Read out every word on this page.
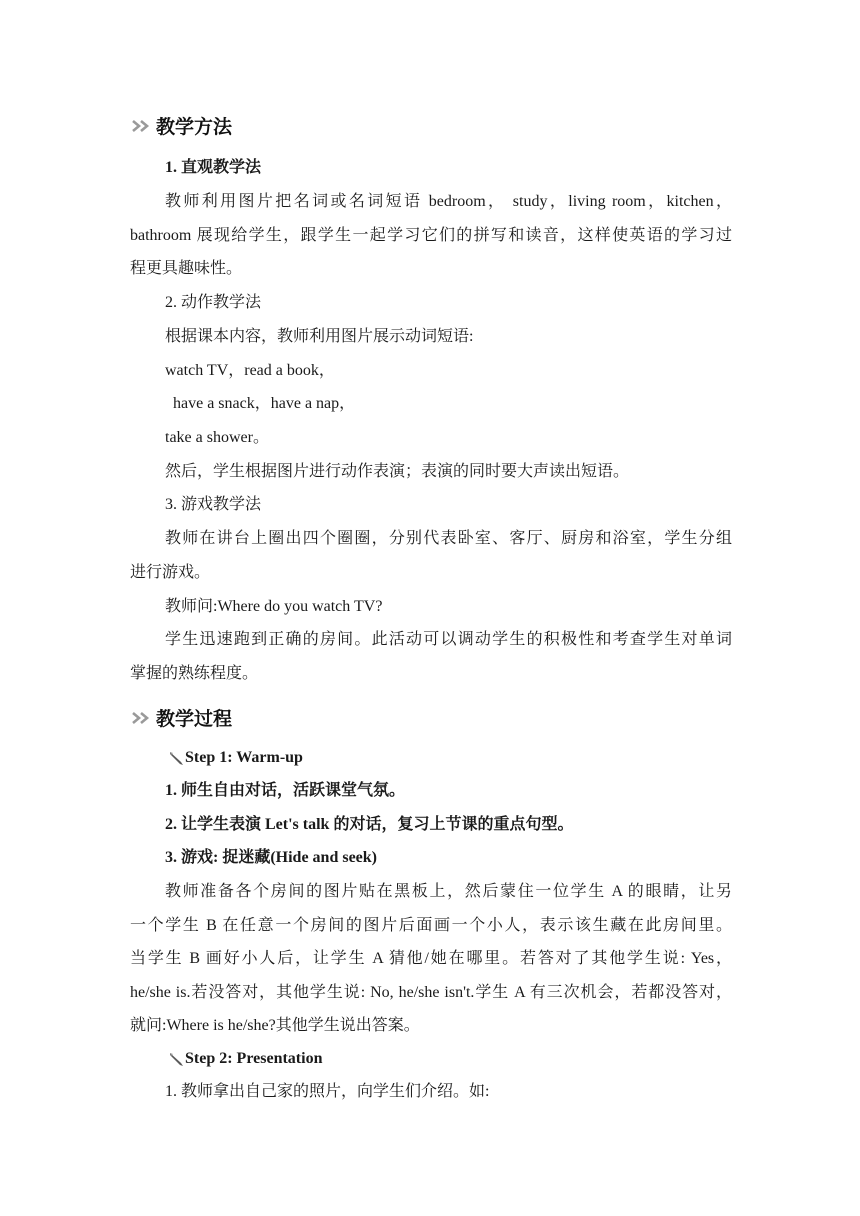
教学方法
1. 直观教学法
教师利用图片把名词或名词短语 bedroom， study，living room，kitchen，
bathroom 展现给学生，跟学生一起学习它们的拼写和读音，这样使英语的学习过
程更具趣味性。
2. 动作教学法
根据课本内容，教师利用图片展示动词短语:
watch TV，read a book，
have a snack，have a nap，
take a shower。
然后，学生根据图片进行动作表演；表演的同时要大声读出短语。
3. 游戏教学法
教师在讲台上圈出四个圈圈，分别代表卧室、客厅、厨房和浴室，学生分组
进行游戏。
教师问:Where do you watch TV?
学生迅速跑到正确的房间。此活动可以调动学生的积极性和考查学生对单词
掌握的熟练程度。
教学过程
Step 1: Warm-up
1. 师生自由对话，活跃课堂气氛。
2. 让学生表演 Let's talk 的对话，复习上节课的重点句型。
3. 游戏: 捉迷藏(Hide and seek)
教师准备各个房间的图片贴在黑板上，然后蒙住一位学生 A 的眼睛，让另
一个学生 B 在任意一个房间的图片后面画一个小人，表示该生藏在此房间里。
当学生 B 画好小人后，让学生 A 猜他/她在哪里。若答对了其他学生说: Yes，
he/she is.若没答对，其他学生说: No, he/she isn't.学生 A 有三次机会，若都没答对，
就问:Where is he/she?其他学生说出答案。
Step 2: Presentation
1. 教师拿出自己家的照片，向学生们介绍。如:
